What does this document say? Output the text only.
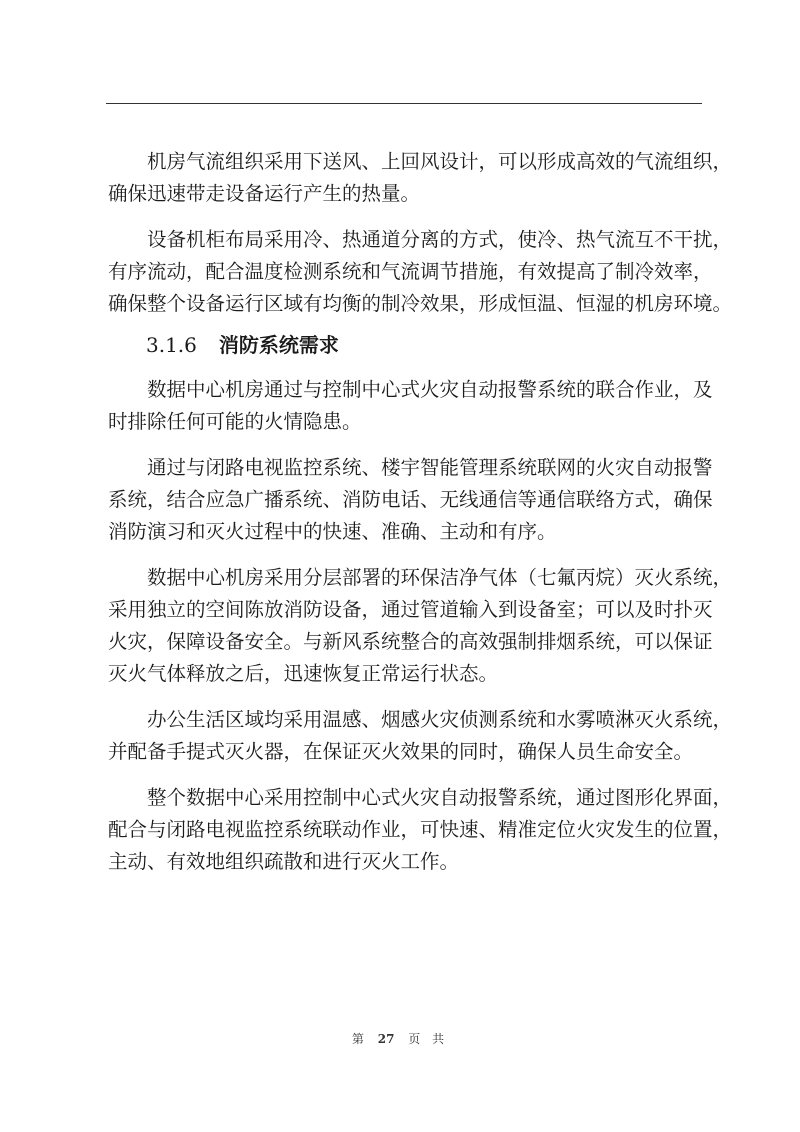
机房气流组织采用下送风、上回风设计，可以形成高效的气流组织，
确保迅速带走设备运行产生的热量。

设备机柜布局采用冷、热通道分离的方式，使冷、热气流互不干扰，
有序流动，配合温度检测系统和气流调节措施，有效提高了制冷效率，
确保整个设备运行区域有均衡的制冷效果，形成恒温、恒湿的机房环境。

3.1.6 消防系统需求

数据中心机房通过与控制中心式火灾自动报警系统的联合作业，及
时排除任何可能的火情隐患。

通过与闭路电视监控系统、楼宇智能管理系统联网的火灾自动报警
系统，结合应急广播系统、消防电话、无线通信等通信联络方式，确保
消防演习和灭火过程中的快速、准确、主动和有序。

数据中心机房采用分层部署的环保洁净气体（七氟丙烷）灭火系统，
采用独立的空间陈放消防设备，通过管道输入到设备室；可以及时扑灭
火灾，保障设备安全。与新风系统整合的高效强制排烟系统，可以保证
灭火气体释放之后，迅速恢复正常运行状态。

办公生活区域均采用温感、烟感火灾侦测系统和水雾喷淋灭火系统，
并配备手提式灭火器，在保证灭火效果的同时，确保人员生命安全。

整个数据中心采用控制中心式火灾自动报警系统，通过图形化界面，
配合与闭路电视监控系统联动作业，可快速、精准定位火灾发生的位置，
主动、有效地组织疏散和进行灭火工作。

第 27 页 共
